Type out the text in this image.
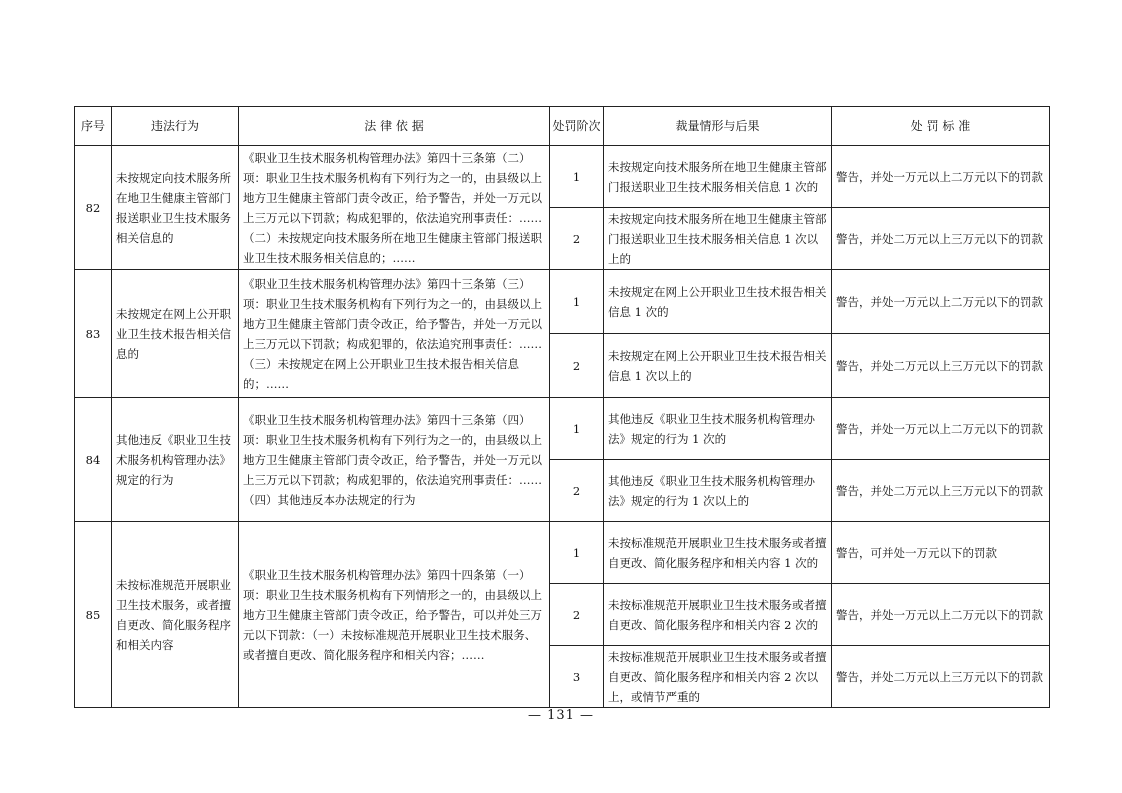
序号	违法行为	法 律 依 据	处罚阶次	裁量情形与后果	处 罚 标 准
82	未按规定向技术服务所在地卫生健康主管部门报送职业卫生技术服务相关信息的	《职业卫生技术服务机构管理办法》第四十三条第（二）项：职业卫生技术服务机构有下列行为之一的，由县级以上地方卫生健康主管部门责令改正，给予警告，并处一万元以上三万元以下罚款；构成犯罪的，依法追究刑事责任：……（二）未按规定向技术服务所在地卫生健康主管部门报送职业卫生技术服务相关信息的；……	1	未按规定向技术服务所在地卫生健康主管部门报送职业卫生技术服务相关信息 1 次的	警告，并处一万元以上二万元以下的罚款
			2	未按规定向技术服务所在地卫生健康主管部门报送职业卫生技术服务相关信息 1 次以上的	警告，并处二万元以上三万元以下的罚款
83	未按规定在网上公开职业卫生技术报告相关信息的	《职业卫生技术服务机构管理办法》第四十三条第（三）项：职业卫生技术服务机构有下列行为之一的，由县级以上地方卫生健康主管部门责令改正，给予警告，并处一万元以上三万元以下罚款；构成犯罪的，依法追究刑事责任：……（三）未按规定在网上公开职业卫生技术报告相关信息的；……	1	未按规定在网上公开职业卫生技术报告相关信息 1 次的	警告，并处一万元以上二万元以下的罚款
			2	未按规定在网上公开职业卫生技术报告相关信息 1 次以上的	警告，并处二万元以上三万元以下的罚款
84	其他违反《职业卫生技术服务机构管理办法》规定的行为	《职业卫生技术服务机构管理办法》第四十三条第（四）项：职业卫生技术服务机构有下列行为之一的，由县级以上地方卫生健康主管部门责令改正，给予警告，并处一万元以上三万元以下罚款；构成犯罪的，依法追究刑事责任：……（四）其他违反本办法规定的行为	1	其他违反《职业卫生技术服务机构管理办法》规定的行为 1 次的	警告，并处一万元以上二万元以下的罚款
			2	其他违反《职业卫生技术服务机构管理办法》规定的行为 1 次以上的	警告，并处二万元以上三万元以下的罚款
85	未按标准规范开展职业卫生技术服务，或者擅自更改、简化服务程序和相关内容	《职业卫生技术服务机构管理办法》第四十四条第（一）项：职业卫生技术服务机构有下列情形之一的，由县级以上地方卫生健康主管部门责令改正，给予警告，可以并处三万元以下罚款：（一）未按标准规范开展职业卫生技术服务、或者擅自更改、简化服务程序和相关内容；……	1	未按标准规范开展职业卫生技术服务或者擅自更改、简化服务程序和相关内容 1 次的	警告，可并处一万元以下的罚款
			2	未按标准规范开展职业卫生技术服务或者擅自更改、简化服务程序和相关内容 2 次的	警告，并处一万元以上二万元以下的罚款
			3	未按标准规范开展职业卫生技术服务或者擅自更改、简化服务程序和相关内容 2 次以上，或情节严重的	警告，并处二万元以上三万元以下的罚款
— 131 —
